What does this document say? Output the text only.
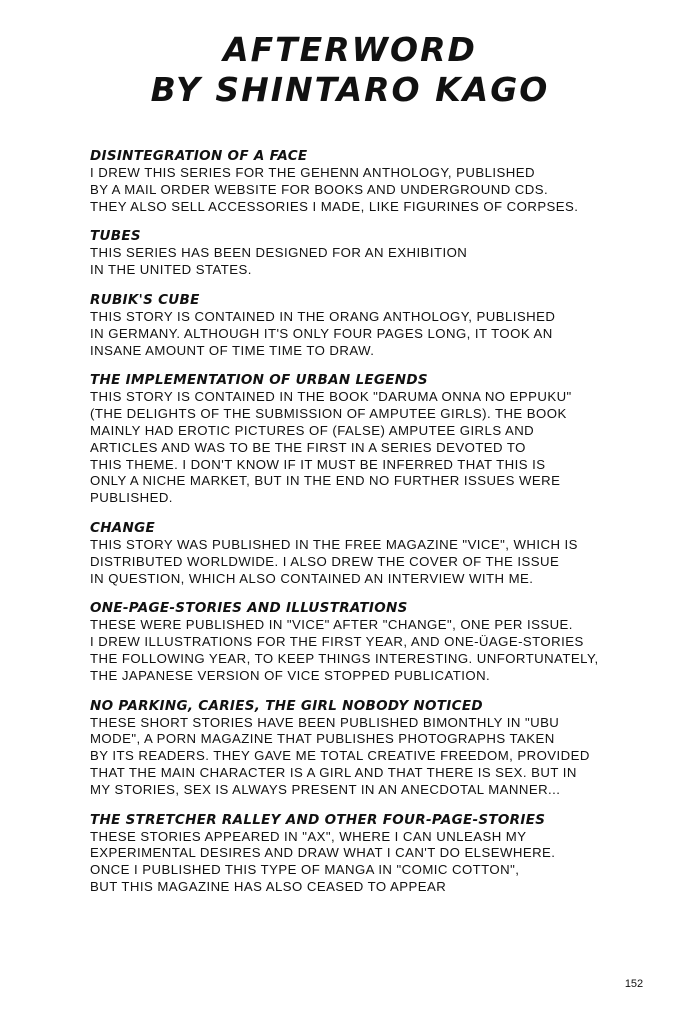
AFTERWORD
BY SHINTARO KAGO
DISINTEGRATION OF A FACE
I DREW THIS SERIES FOR THE GEHENN ANTHOLOGY, PUBLISHED
BY A MAIL ORDER WEBSITE FOR BOOKS AND UNDERGROUND CDS.
THEY ALSO SELL ACCESSORIES I MADE, LIKE FIGURINES OF CORPSES.
TUBES
THIS SERIES HAS BEEN DESIGNED FOR AN EXHIBITION
IN THE UNITED STATES.
RUBIK'S CUBE
THIS STORY IS CONTAINED IN THE ORANG ANTHOLOGY, PUBLISHED
IN GERMANY. ALTHOUGH IT'S ONLY FOUR PAGES LONG, IT TOOK AN
INSANE AMOUNT OF TIME TIME TO DRAW.
THE IMPLEMENTATION OF URBAN LEGENDS
THIS STORY IS CONTAINED IN THE BOOK "DARUMA ONNA NO EPPUKU"
(THE DELIGHTS OF THE SUBMISSION OF AMPUTEE GIRLS). THE BOOK
MAINLY HAD EROTIC PICTURES OF (FALSE) AMPUTEE GIRLS AND
ARTICLES AND WAS TO BE THE FIRST IN A SERIES DEVOTED TO
THIS THEME. I DON'T KNOW IF IT MUST BE INFERRED THAT THIS IS
ONLY A NICHE MARKET, BUT IN THE END NO FURTHER ISSUES WERE
PUBLISHED.
CHANGE
THIS STORY WAS PUBLISHED IN THE FREE MAGAZINE "VICE", WHICH IS
DISTRIBUTED WORLDWIDE. I ALSO DREW THE COVER OF THE ISSUE
IN QUESTION, WHICH ALSO CONTAINED AN INTERVIEW WITH ME.
ONE-PAGE-STORIES AND ILLUSTRATIONS
THESE WERE PUBLISHED IN "VICE" AFTER "CHANGE", ONE PER ISSUE.
I DREW ILLUSTRATIONS FOR THE FIRST YEAR, AND ONE-ÜAGE-STORIES
THE FOLLOWING YEAR, TO KEEP THINGS INTERESTING. UNFORTUNATELY,
THE JAPANESE VERSION OF VICE STOPPED PUBLICATION.
NO PARKING, CARIES, THE GIRL NOBODY NOTICED
THESE SHORT STORIES HAVE BEEN PUBLISHED BIMONTHLY IN "UBU
MODE", A PORN MAGAZINE THAT PUBLISHES PHOTOGRAPHS TAKEN
BY ITS READERS. THEY GAVE ME TOTAL CREATIVE FREEDOM, PROVIDED
THAT THE MAIN CHARACTER IS A GIRL AND THAT THERE IS SEX. BUT IN
MY STORIES, SEX IS ALWAYS PRESENT IN AN ANECDOTAL MANNER...
THE STRETCHER RALLEY AND OTHER FOUR-PAGE-STORIES
THESE STORIES APPEARED IN "AX", WHERE I CAN UNLEASH MY
EXPERIMENTAL DESIRES AND DRAW WHAT I CAN'T DO ELSEWHERE.
ONCE I PUBLISHED THIS TYPE OF MANGA IN "COMIC COTTON",
BUT THIS MAGAZINE HAS ALSO CEASED TO APPEAR
152
